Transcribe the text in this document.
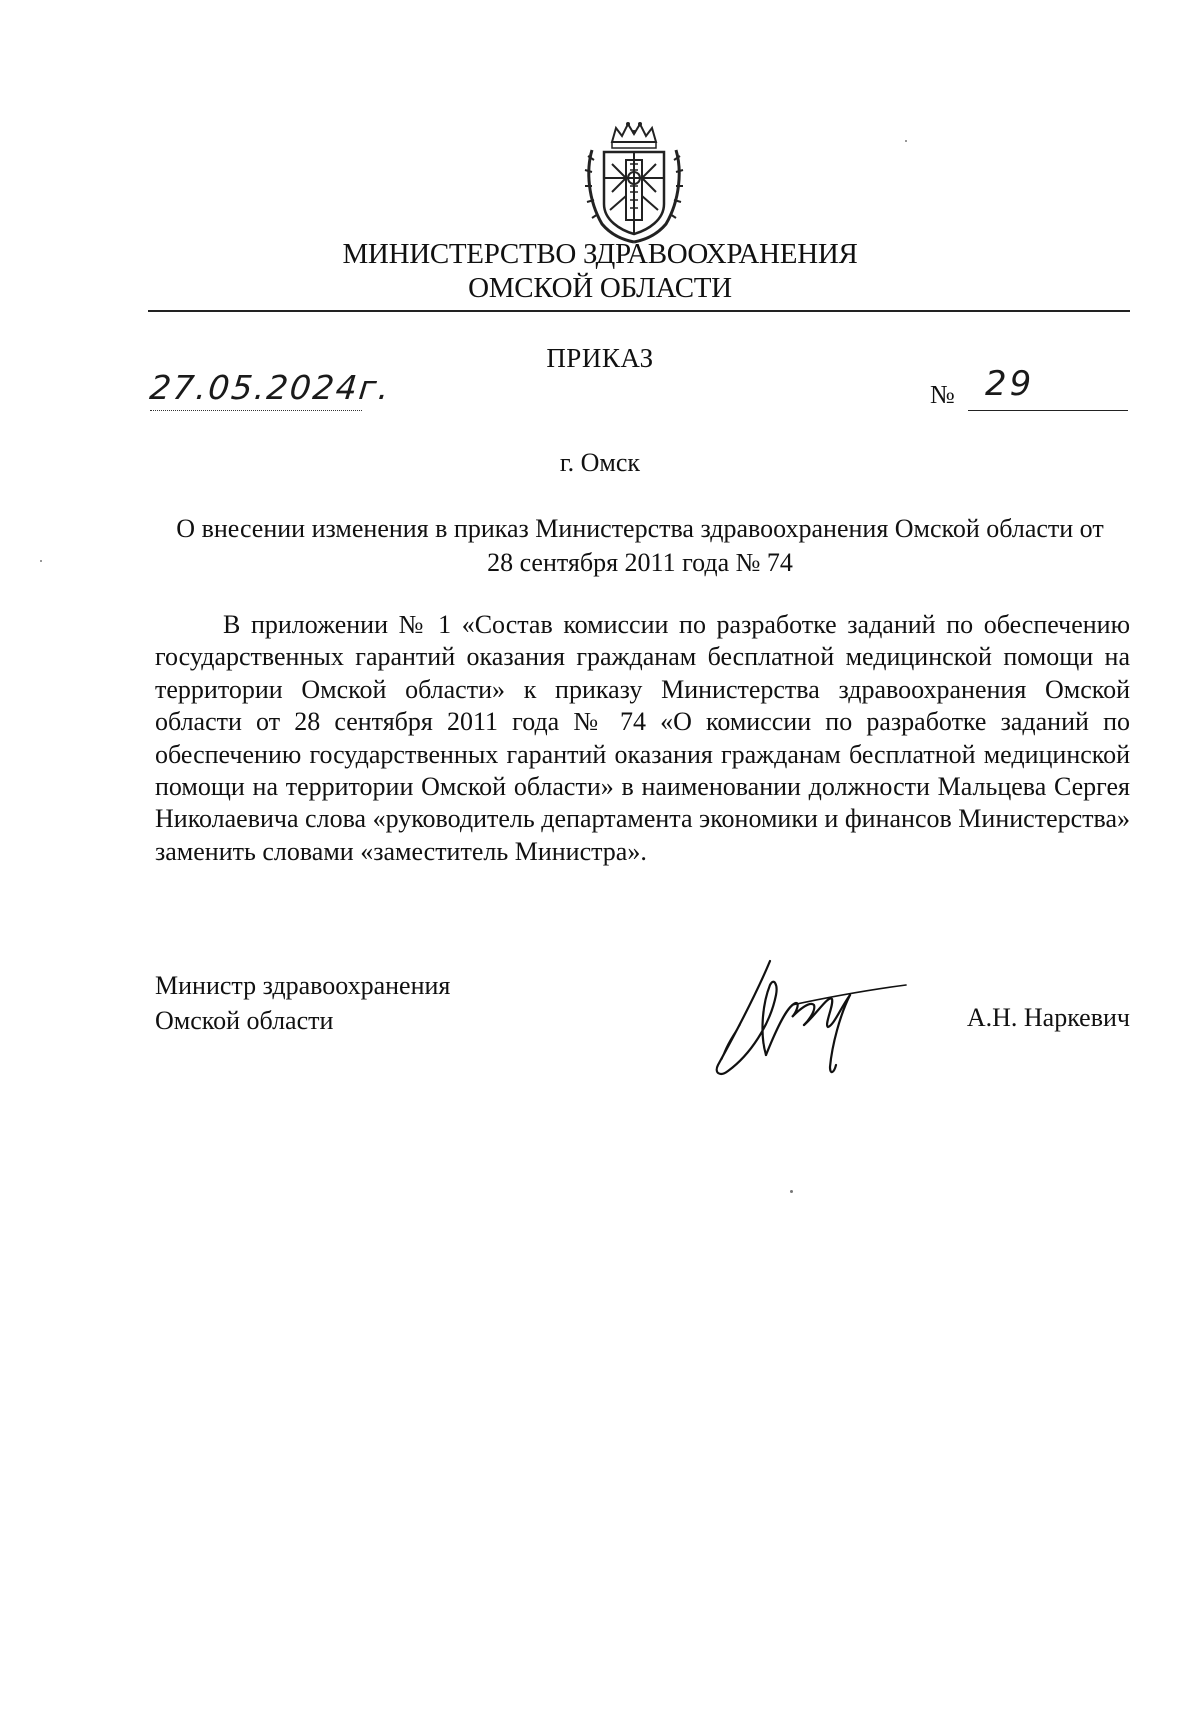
МИНИСТЕРСТВО ЗДРАВООХРАНЕНИЯ
ОМСКОЙ ОБЛАСТИ
ПРИКАЗ
27.05.2024г.	№ 29
г. Омск
О внесении изменения в приказ Министерства здравоохранения Омской области от 28 сентября 2011 года № 74
В приложении № 1 «Состав комиссии по разработке заданий по обеспечению государственных гарантий оказания гражданам бесплатной медицинской помощи на территории Омской области» к приказу Министерства здравоохранения Омской области от 28 сентября 2011 года № 74 «О комиссии по разработке заданий по обеспечению государственных гарантий оказания гражданам бесплатной медицинской помощи на территории Омской области» в наименовании должности Мальцева Сергея Николаевича слова «руководитель департамента экономики и финансов Министерства» заменить словами «заместитель Министра».
Министр здравоохранения
Омской области	А.Н. Наркевич
